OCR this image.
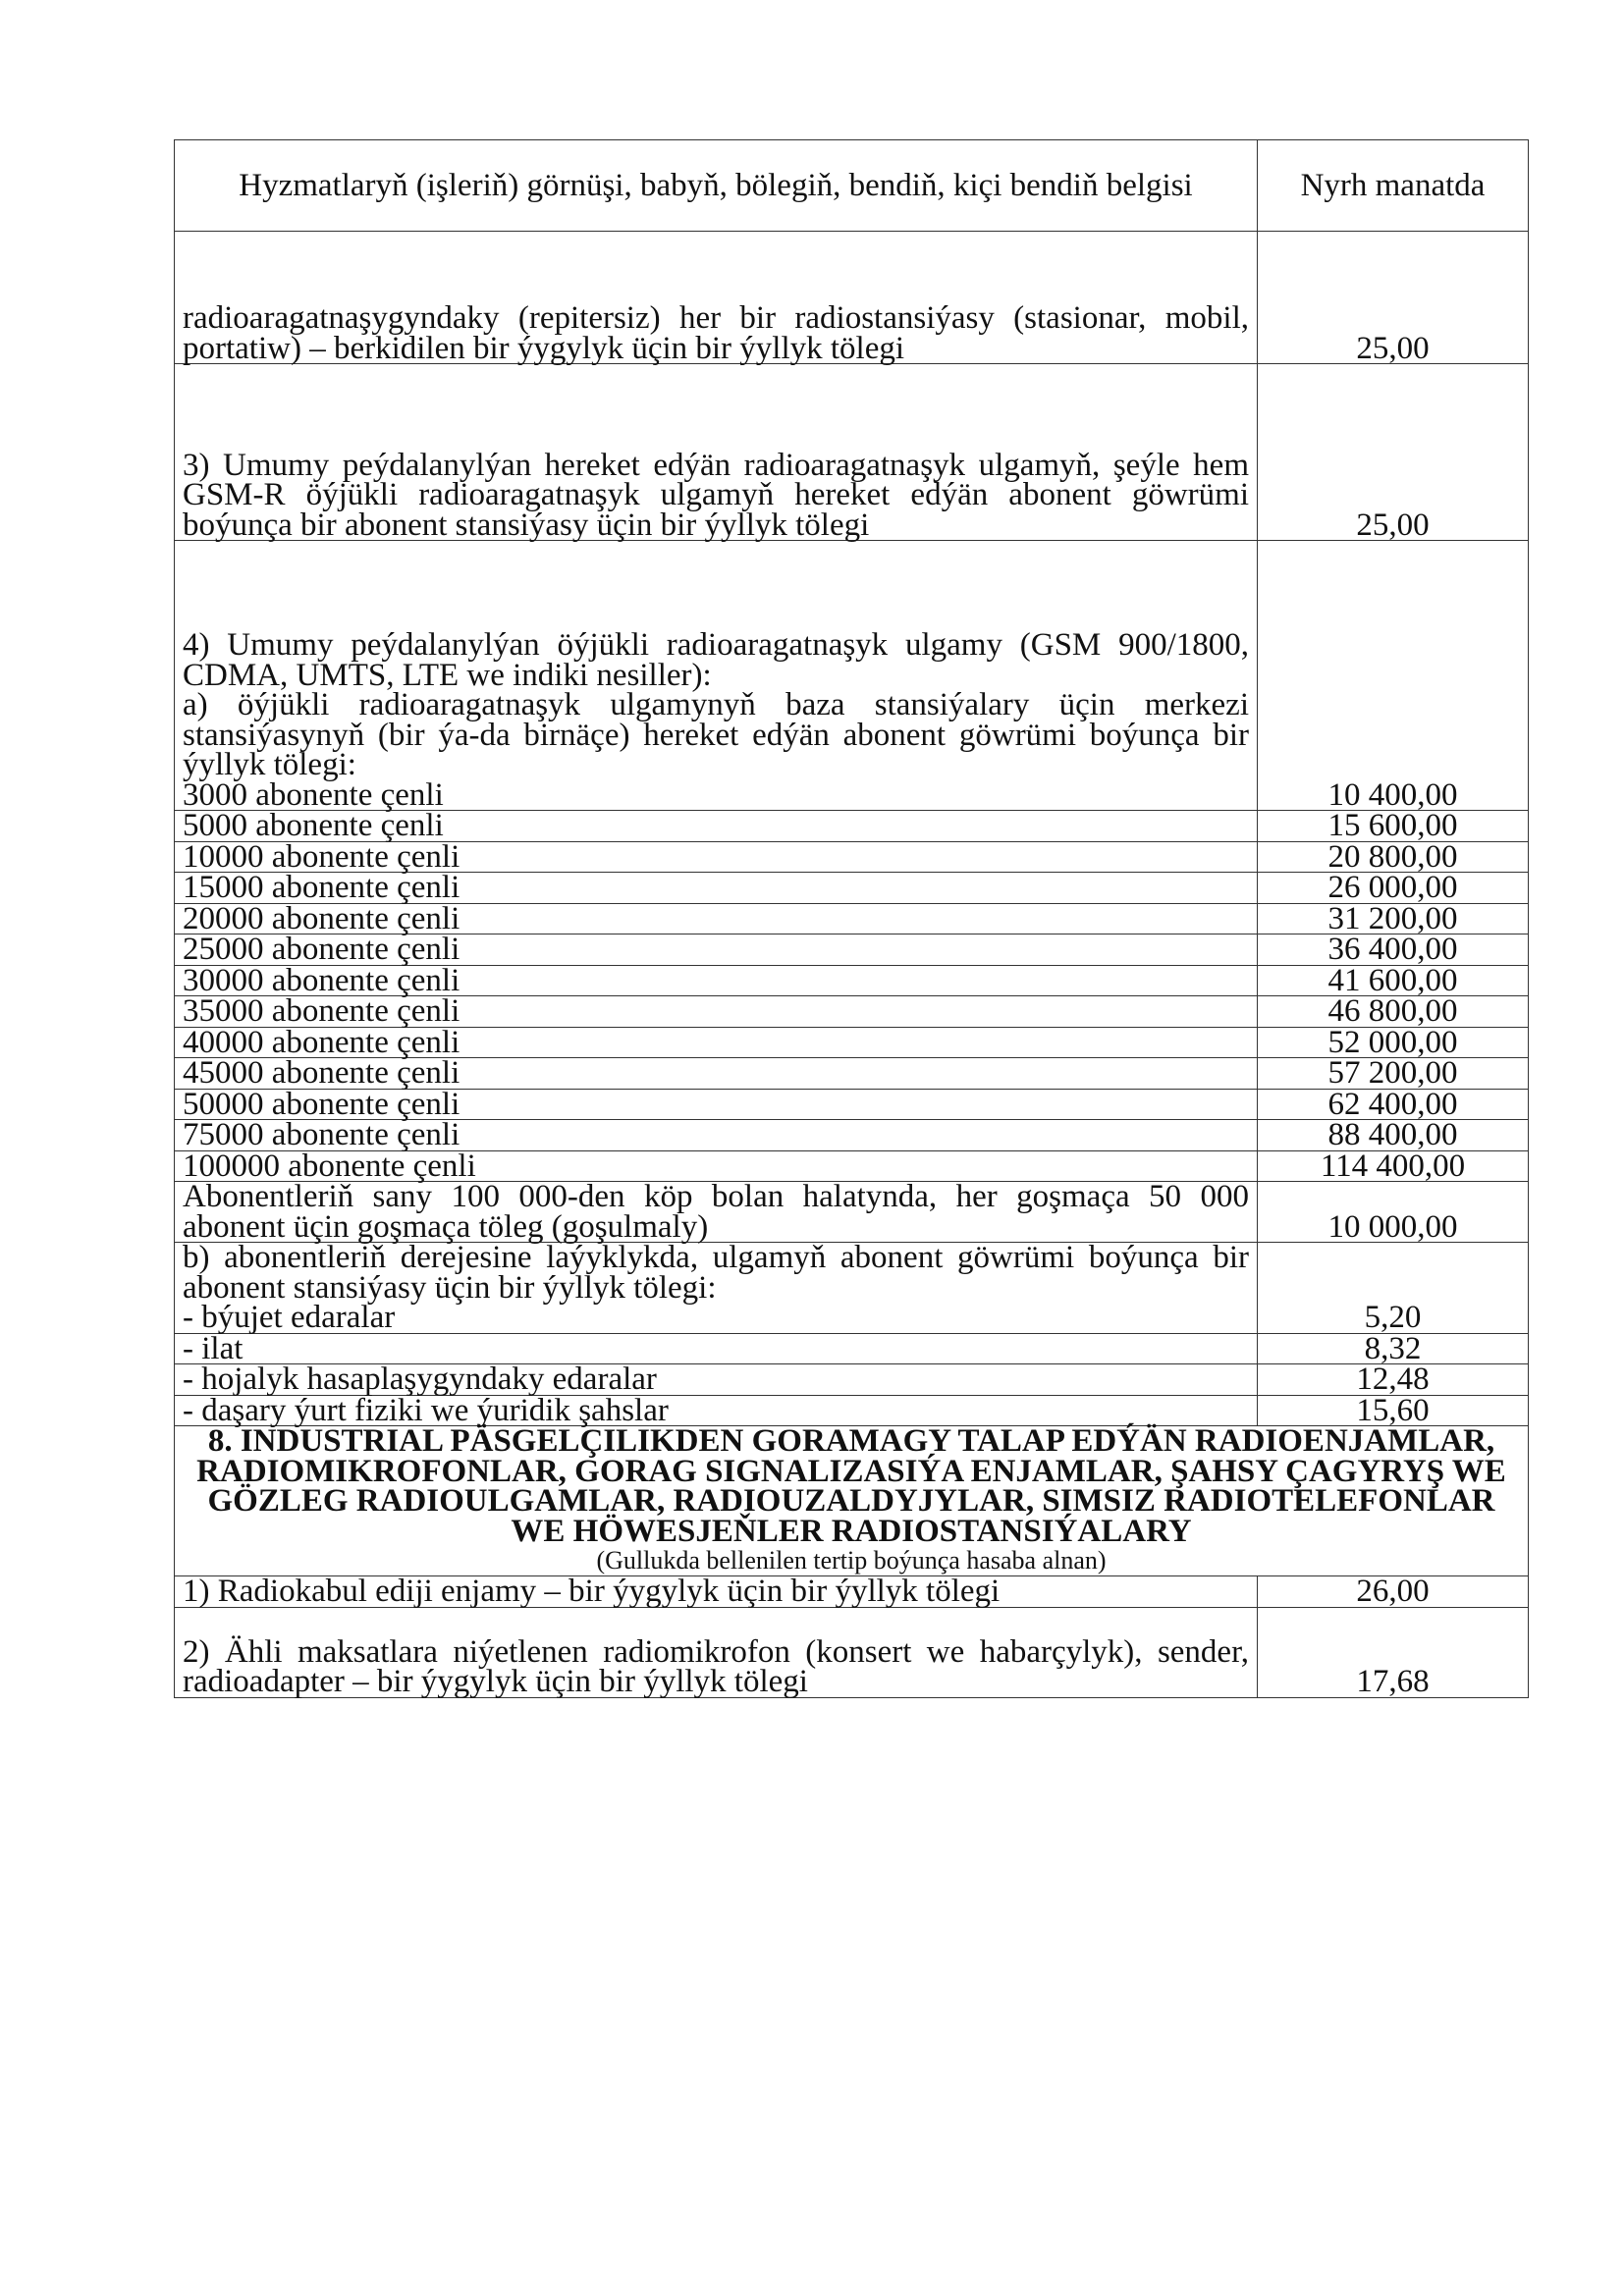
Hyzmatlaryň (işleriň) görnüşi, babyň, bölegiň, bendiň, kiçi bendiň belgisi	Nyrh manatda
radioaragatnaşygyndaky (repitersiz) her bir radiostansiýasy (stasionar, mobil, portatiw) – berkidilen bir ýygylyk üçin bir ýyllyk tölegi	25,00
3) Umumy peýdalanylýan hereket edýän radioaragatnaşyk ulgamyň, şeýle hem GSM-R öýjükli radioaragatnaşyk ulgamyň hereket edýän abonent göwrümi boýunça bir abonent stansiýasy üçin bir ýyllyk tölegi	25,00

4) Umumy peýdalanylýan öýjükli radioaragatnaşyk ulgamy (GSM 900/1800, CDMA, UMTS, LTE we indiki nesiller):
a) öýjükli radioaragatnaşyk ulgamynyň baza stansiýalary üçin merkezi stansiýasynyň (bir ýa-da birnäçe) hereket edýän abonent göwrümi boýunça bir ýyllyk tölegi:
3000 abonente çenli	10 400,00
5000 abonente çenli	15 600,00
10000 abonente çenli	20 800,00
15000 abonente çenli	26 000,00
20000 abonente çenli	31 200,00
25000 abonente çenli	36 400,00
30000 abonente çenli	41 600,00
35000 abonente çenli	46 800,00
40000 abonente çenli	52 000,00
45000 abonente çenli	57 200,00
50000 abonente çenli	62 400,00
75000 abonente çenli	88 400,00
100000 abonente çenli	114 400,00
Abonentleriň sany 100 000-den köp bolan halatynda, her goşmaça 50 000 abonent üçin goşmaça töleg (goşulmaly)	10 000,00

b) abonentleriň derejesine laýyklykda, ulgamyň abonent göwrümi boýunça bir abonent stansiýasy üçin bir ýyllyk tölegi:
- býujet edaralar	5,20
- ilat	8,32
- hojalyk hasaplaşygyndaky edaralar	12,48
- daşary ýurt fiziki we ýuridik şahslar	15,60
8. INDUSTRIAL PÄSGELÇILIKDEN GORAMAGY TALAP EDÝÄN RADIOENJAMLAR, RADIOMIKROFONLAR, GORAG SIGNALIZASIÝA ENJAMLAR, ŞAHSY ÇAGYRYŞ WE GÖZLEG RADIOULGAMLAR, RADIOUZALDYJYLAR, SIMSIZ RADIOTELEFONLAR WE HÖWESJEŇLER RADIOSTANSIÝALARY
(Gullukda bellenilen tertip boýunça hasaba alnan)	

1) Radiokabul ediji enjamy – bir ýygylyk üçin bir ýyllyk tölegi	26,00
2) Ähli maksatlara niýetlenen radiomikrofon (konsert we habarçylyk), sender, radioadapter – bir ýygylyk üçin bir ýyllyk tölegi	17,68
